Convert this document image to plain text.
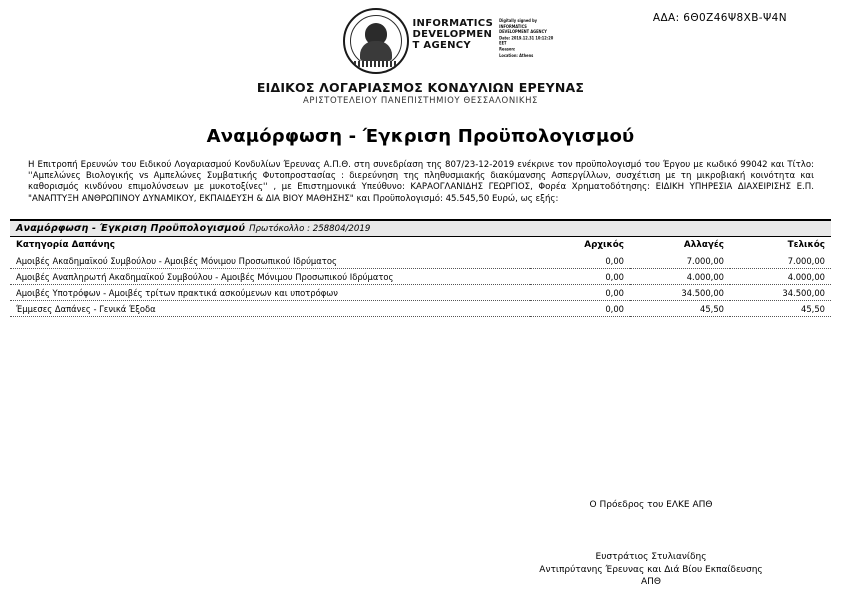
ΑΔΑ: 6Θ0Ζ46Ψ8ΧΒ-Ψ4Ν
INFORMATICS
DEVELOPMEN
T AGENCY
Digitally signed by
INFORMATICS
DEVELOPMENT AGENCY
Date: 2019.12.31 10:12:20
EET
Reason:
Location: Athens
ΕΙΔΙΚΟΣ ΛΟΓΑΡΙΑΣΜΟΣ ΚΟΝΔΥΛΙΩΝ ΕΡΕΥΝΑΣ
ΑΡΙΣΤΟΤΕΛΕΙΟΥ ΠΑΝΕΠΙΣΤΗΜΙΟΥ ΘΕΣΣΑΛΟΝΙΚΗΣ
Αναμόρφωση - Έγκριση Προϋπολογισμού

Η Επιτροπή Ερευνών του Ειδικού Λογαριασμού Κονδυλίων Έρευνας Α.Π.Θ. στη συνεδρίαση της 807/23-12-2019 ενέκρινε τον προϋπολογισμό του Έργου με κωδικό 99042 και Τίτλο: ''Αμπελώνες Βιολογικής vs Αμπελώνες Συμβατικής Φυτοπροστασίας : διερεύνηση της πληθυσμιακής διακύμανσης Ασπεργίλλων, συσχέτιση με τη μικροβιακή κοινότητα και καθορισμός κινδύνου επιμολύνσεων με μυκοτοξίνες'' , με Επιστημονικά Υπεύθυνο: ΚΑΡΑΟΓΛΑΝΙΔΗΣ ΓΕΩΡΓΙΟΣ, Φορέα Χρηματοδότησης: ΕΙΔΙΚΗ ΥΠΗΡΕΣΙΑ ΔΙΑΧΕΙΡΙΣΗΣ Ε.Π. "ΑΝΑΠΤΥΞΗ ΑΝΘΡΩΠΙΝΟΥ ΔΥΝΑΜΙΚΟΥ, ΕΚΠΑΙΔΕΥΣΗ & ΔΙΑ ΒΙΟΥ ΜΑΘΗΣΗΣ" και Προϋπολογισμό: 45.545,50 Ευρώ, ως εξής:

Αναμόρφωση - Έγκριση Προϋπολογισμού Πρωτόκολλο : 258804/2019
Κατηγορία Δαπάνης	Αρχικός	Αλλαγές	Τελικός
Αμοιβές Ακαδημαϊκού Συμβούλου - Αμοιβές Μόνιμου Προσωπικού Ιδρύματος	0,00	7.000,00	7.000,00
Αμοιβές Αναπληρωτή Ακαδημαϊκού Συμβούλου - Αμοιβές Μόνιμου Προσωπικού Ιδρύματος	0,00	4.000,00	4.000,00
Αμοιβές Υποτρόφων - Αμοιβές τρίτων πρακτικά ασκούμενων και υποτρόφων	0,00	34.500,00	34.500,00
Έμμεσες Δαπάνες - Γενικά Έξοδα	0,00	45,50	45,50
Ο Πρόεδρος του ΕΛΚΕ ΑΠΘ
Ευστράτιος Στυλιανίδης
Αντιπρύτανης Έρευνας και Διά Βίου Εκπαίδευσης
ΑΠΘ
